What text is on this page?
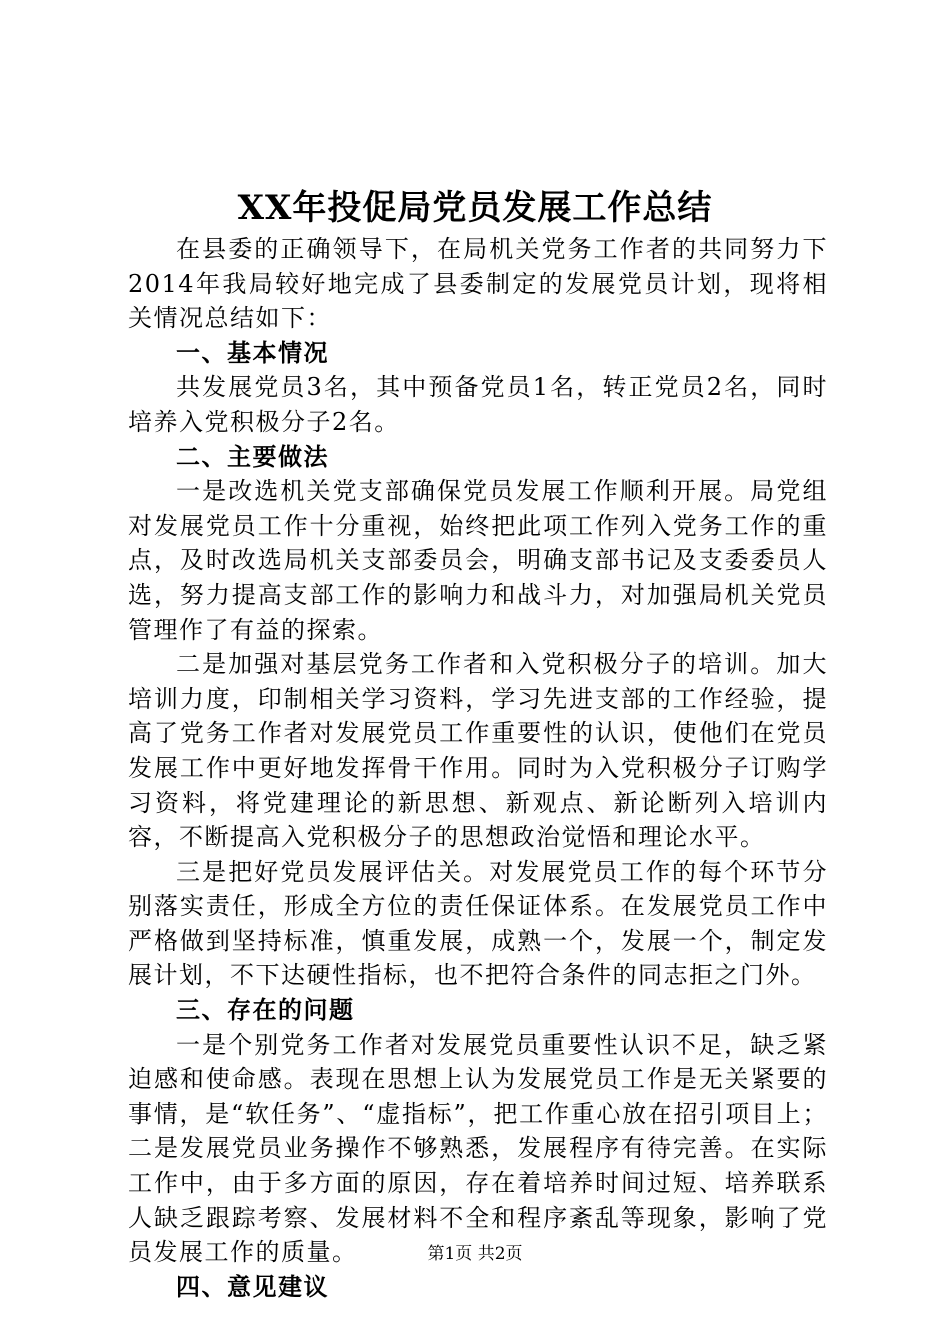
XX年投促局党员发展工作总结

在县委的正确领导下，在局机关党务工作者的共同努力下2014年我局较好地完成了县委制定的发展党员计划，现将相关情况总结如下：

一、基本情况

共发展党员3名，其中预备党员1名，转正党员2名，同时培养入党积极分子2名。

二、主要做法

一是改选机关党支部确保党员发展工作顺利开展。局党组对发展党员工作十分重视，始终把此项工作列入党务工作的重点，及时改选局机关支部委员会，明确支部书记及支委委员人选，努力提高支部工作的影响力和战斗力，对加强局机关党员管理作了有益的探索。

二是加强对基层党务工作者和入党积极分子的培训。加大培训力度，印制相关学习资料，学习先进支部的工作经验，提高了党务工作者对发展党员工作重要性的认识，使他们在党员发展工作中更好地发挥骨干作用。同时为入党积极分子订购学习资料，将党建理论的新思想、新观点、新论断列入培训内容，不断提高入党积极分子的思想政治觉悟和理论水平。

三是把好党员发展评估关。对发展党员工作的每个环节分别落实责任，形成全方位的责任保证体系。在发展党员工作中严格做到坚持标准，慎重发展，成熟一个，发展一个，制定发展计划，不下达硬性指标，也不把符合条件的同志拒之门外。

三、存在的问题

一是个别党务工作者对发展党员重要性认识不足，缺乏紧迫感和使命感。表现在思想上认为发展党员工作是无关紧要的事情，是“软任务”、“虚指标”，把工作重心放在招引项目上；二是发展党员业务操作不够熟悉，发展程序有待完善。在实际工作中，由于多方面的原因，存在着培养时间过短、培养联系人缺乏跟踪考察、发展材料不全和程序紊乱等现象，影响了党员发展工作的质量。

四、意见建议
第1页 共2页
